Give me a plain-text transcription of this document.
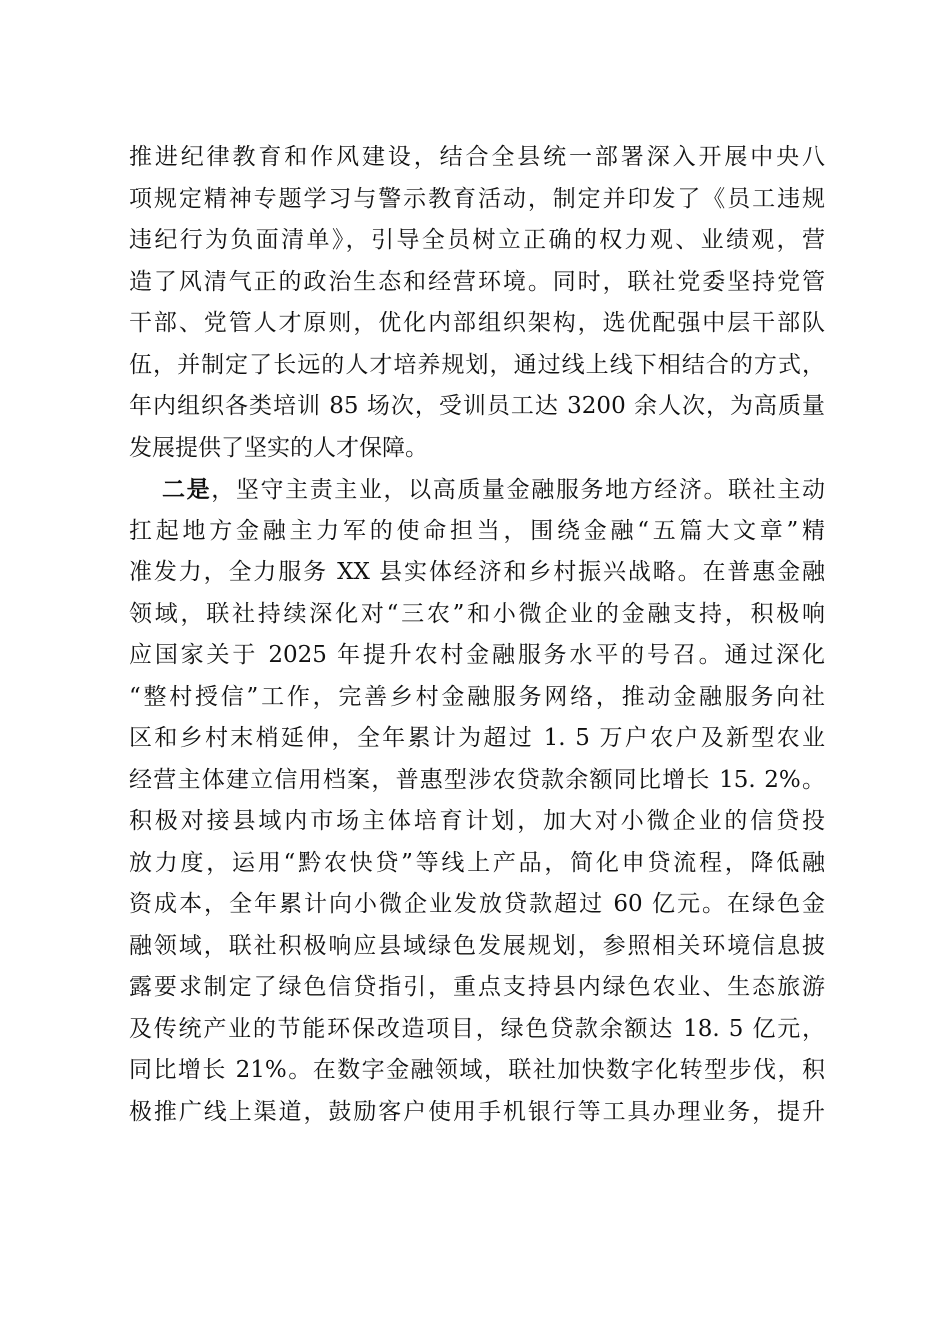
推进纪律教育和作风建设，结合全县统一部署深入开展中央八
项规定精神专题学习与警示教育活动，制定并印发了《员工违规
违纪行为负面清单》，引导全员树立正确的权力观、业绩观，营
造了风清气正的政治生态和经营环境。同时，联社党委坚持党管
干部、党管人才原则，优化内部组织架构，选优配强中层干部队
伍，并制定了长远的人才培养规划，通过线上线下相结合的方式，
年内组织各类培训 85 场次，受训员工达 3200 余人次，为高质量
发展提供了坚实的人才保障。
二是，坚守主责主业，以高质量金融服务地方经济。联社主动
扛起地方金融主力军的使命担当，围绕金融“五篇大文章”精
准发力，全力服务 XX 县实体经济和乡村振兴战略。在普惠金融
领域，联社持续深化对“三农”和小微企业的金融支持，积极响
应国家关于 2025 年提升农村金融服务水平的号召。通过深化
“整村授信”工作，完善乡村金融服务网络，推动金融服务向社
区和乡村末梢延伸，全年累计为超过 1. 5 万户农户及新型农业
经营主体建立信用档案，普惠型涉农贷款余额同比增长 15. 2%。
积极对接县域内市场主体培育计划，加大对小微企业的信贷投
放力度，运用“黔农快贷”等线上产品，简化申贷流程，降低融
资成本，全年累计向小微企业发放贷款超过 60 亿元。在绿色金
融领域，联社积极响应县域绿色发展规划，参照相关环境信息披
露要求制定了绿色信贷指引，重点支持县内绿色农业、生态旅游
及传统产业的节能环保改造项目，绿色贷款余额达 18. 5 亿元，
同比增长 21%。在数字金融领域，联社加快数字化转型步伐，积
极推广线上渠道，鼓励客户使用手机银行等工具办理业务，提升
